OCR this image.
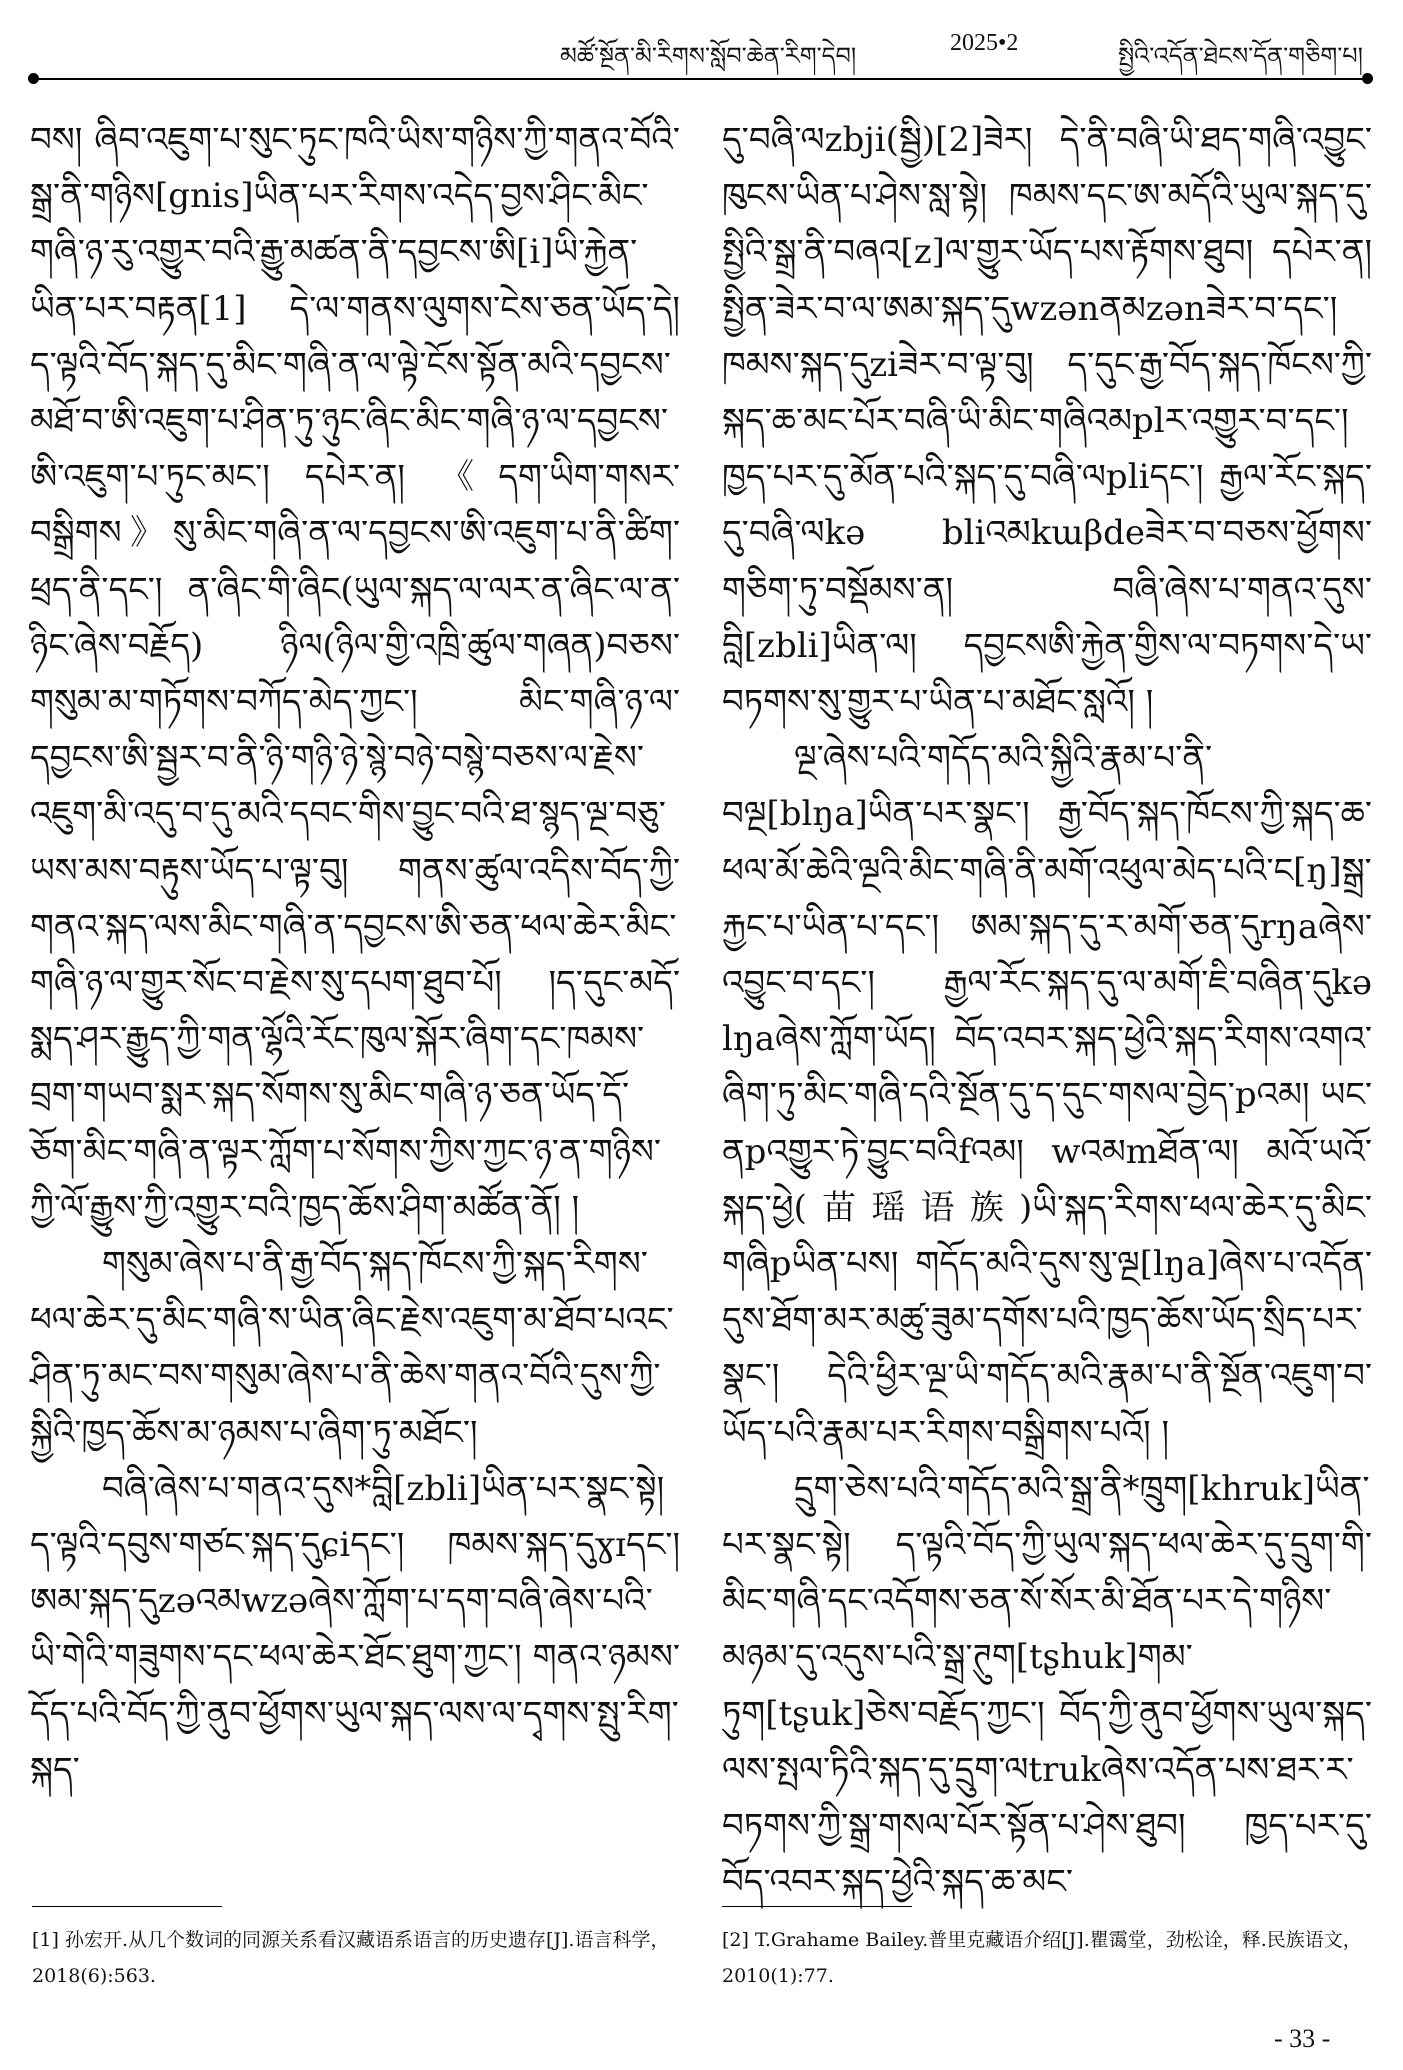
མཚོ་སྔོན་མི་རིགས་སློབ་ཆེན་རིག་དེབ།	2025•2	སྤྱིའི་འདོན་ཐེངས་དོན་གཅིག་པ།

བས། ཞིབ་འཇུག་པ་སུང་ཏུང་ཁའི་ཡིས་གཉིས་ཀྱི་གནའ་བོའི་སྒྲ་ནི་གཉིས[gnis]ཡིན་པར་རིགས་འདེད་བྱས་ཤིང་མིང་གཞི་ཉ་རུ་འགྱུར་བའི་རྒྱུ་མཚན་ནི་དབྱངས་ཨི[i]ཡི་རྐྱེན་ཡིན་པར་བརྟན[1] དེ་ལ་གནས་ལུགས་ངེས་ཅན་ཡོད་དེ། ད་ལྟའི་བོད་སྐད་དུ་མིང་གཞི་ན་ལ་ལྟེ་ངོས་སྟོན་མའི་དབྱངས་མཐོ་བ་ཨི་འཇུག་པ་ཤིན་ཏུ་ཉུང་ཞིང་མིང་གཞི་ཉ་ལ་དབྱངས་ཨི་འཇུག་པ་ཏུང་མང་། དཔེར་ན། 《དག་ཡིག་གསར་བསྒྲིགས》སུ་མིང་གཞི་ན་ལ་དབྱངས་ཨི་འཇུག་པ་ནི་ཚིག་ཕྲད་ནི་དང་། ན་ཞིང་གི་ཞིང(ཡུལ་སྐད་ལ་ལར་ན་ཞིང་ལ་ན་ཉིང་ཞེས་བརྗོད) ཉིལ(ཉིལ་གྱི་འཁྲི་ཚུལ་གཞན)བཅས་གསུམ་མ་གཏོགས་བཀོད་མེད་ཀྱང་། མིང་གཞི་ཉ་ལ་དབྱངས་ཨི་སྦྱར་བ་ནི་ཉི་གཉི་ཉེ་སྙེ་བཉེ་བསྙེ་བཅས་ལ་རྗེས་འཇུག་མི་འདུ་བ་དུ་མའི་དབང་གིས་བྱུང་བའི་ཐ་སྙད་ལྔ་བཅུ་ཡས་མས་བརྟུས་ཡོད་པ་ལྟ་བུ། གནས་ཚུལ་འདིས་བོད་ཀྱི་གནའ་སྐད་ལས་མིང་གཞི་ན་དབྱངས་ཨི་ཅན་ཕལ་ཆེར་མིང་གཞི་ཉ་ལ་གྱུར་སོང་བ་རྗེས་སུ་དཔག་ཐུབ་པོ། །ད་དུང་མདོ་སྨད་ཤར་རྒྱུད་ཀྱི་གན་ལྷོའི་རོང་ཁུལ་སྐོར་ཞིག་དང་ཁམས་བྲག་གཡབ་སྨར་སྐད་སོགས་སུ་མིང་གཞི་ཉ་ཅན་ཡོད་དོ་ཅོག་མིང་གཞི་ན་ལྟར་ཀློག་པ་སོགས་ཀྱིས་ཀྱང་ཉ་ན་གཉིས་ཀྱི་ལོ་རྒྱུས་ཀྱི་འགྱུར་བའི་ཁྱད་ཆོས་ཤིག་མཚོན་ནོ། །

གསུམ་ཞེས་པ་ནི་རྒྱ་བོད་སྐད་ཁོངས་ཀྱི་སྐད་རིགས་ཕལ་ཆེར་དུ་མིང་གཞི་ས་ཡིན་ཞིང་རྗེས་འཇུག་མ་ཐོབ་པའང་ཤིན་ཏུ་མང་བས་གསུམ་ཞེས་པ་ནི་ཆེས་གནའ་བོའི་དུས་ཀྱི་སྐྱིའི་ཁྱད་ཆོས་མ་ཉམས་པ་ཞིག་ཏུ་མཐོང་།

བཞི་ཞེས་པ་གནའ་དུས*བླི[zbli]ཡིན་པར་སྣང་སྟེ། ད་ལྟའི་དབུས་གཙང་སྐད་དུɕiདང་། ཁམས་སྐད་དུɣɪདང་། ཨམ་སྐད་དུzəའམwzəཞེས་ཀློག་པ་དག་བཞི་ཞེས་པའི་ཡི་གེའི་གཟུགས་དང་ཕལ་ཆེར་ཐོང་ཐུག་ཀྱང་། གནའ་ཉམས་དོད་པའི་བོད་ཀྱི་ནུབ་ཕྱོགས་ཡུལ་སྐད་ལས་ལ་དྭགས་སྤུ་རིག་སྐད་

དུ་བཞི་ལzbji(སྦྱི)[2]ཟེར། དེ་ནི་བཞི་ཡི་ཐད་གཞི་འབྱུང་ཁུངས་ཡིན་པ་ཤེས་སླ་སྟེ། ཁམས་དང་ཨ་མདོའི་ཡུལ་སྐད་དུ་སྤྱིའི་སྒྲ་ནི་བཞའ[z]ལ་གྱུར་ཡོད་པས་རྟོགས་ཐུབ། དཔེར་ན། སྤྱིན་ཟེར་བ་ལ་ཨམ་སྐད་དུwzənནམzənཟེར་བ་དང་། ཁམས་སྐད་དུziཟེར་བ་ལྟ་བུ། ད་དུང་རྒྱ་བོད་སྐད་ཁོངས་ཀྱི་སྐད་ཆ་མང་པོར་བཞི་ཡི་མིང་གཞིའམplར་འགྱུར་བ་དང་། ཁྱད་པར་དུ་མོན་པའི་སྐད་དུ་བཞི་ལpliདང་། རྒྱལ་རོང་སྐད་དུ་བཞི་ལkə bliའམkɯβdeཟེར་བ་བཅས་ཕྱོགས་གཅིག་ཏུ་བསྡོམས་ན། བཞི་ཞེས་པ་གནའ་དུས་བླི[zbli]ཡིན་ལ། དབྱངསཨི་རྐྱེན་གྱིས་ལ་བཏགས་དེ་ཡ་བཏགས་སུ་གྱུར་པ་ཡིན་པ་མཐོང་སླའོ། །

ལྔ་ཞེས་པའི་གདོད་མའི་སྐྱིའི་རྣམ་པ་ནི་བལྔ[blŋa]ཡིན་པར་སྣང་། རྒྱ་བོད་སྐད་ཁོངས་ཀྱི་སྐད་ཆ་ཕལ་མོ་ཆེའི་ལྔའི་མིང་གཞི་ནི་མགོ་འཕུལ་མེད་པའི་ང[ŋ]སྒྲ་རྐྱང་པ་ཡིན་པ་དང་། ཨམ་སྐད་དུ་ར་མགོ་ཅན་དུrŋaཞེས་འབྱུང་བ་དང་། རྒྱལ་རོང་སྐད་དུ་ལ་མགོ་ཇི་བཞིན་དུkə lŋaཞེས་ཀློག་ཡོད། བོད་འབར་སྐད་ཕྱེའི་སྐད་རིགས་འགའ་ཞིག་ཏུ་མིང་གཞི་དའི་སྔོན་དུ་ད་དུང་གསལ་བྱེད་pའམ། ཡང་ནpའགྱུར་ཏེ་བྱུང་བའིfའམ། wའམmཐོན་ལ། མའོ་ཡའོ་སྐད་ཕྱེ(苗瑶语族)ཡི་སྐད་རིགས་ཕལ་ཆེར་དུ་མིང་གཞིpཡིན་པས། གདོད་མའི་དུས་སུ་ལྔ[lŋa]ཞེས་པ་འདོན་དུས་ཐོག་མར་མཚུ་ཟུམ་དགོས་པའི་ཁྱད་ཆོས་ཡོད་སྲིད་པར་སྣང་། དེའི་ཕྱིར་ལྔ་ཡི་གདོད་མའི་རྣམ་པ་ནི་སྔོན་འཇུག་བ་ཡོད་པའི་རྣམ་པར་རིགས་བསྒྲིགས་པའོ། །

དྲུག་ཅེས་པའི་གདོད་མའི་སྒྲ་ནི*ཁྲུག[khruk]ཡིན་པར་སྣང་སྟེ། ད་ལྟའི་བོད་ཀྱི་ཡུལ་སྐད་ཕལ་ཆེར་དུ་དྲུག་གི་མིང་གཞི་དང་འདོགས་ཅན་སོ་སོར་མི་ཐོན་པར་དེ་གཉིས་མཉམ་དུ་འདུས་པའི་སྒྲ་ཊུག[tʂhuk]གམ་ཏུག[tʂuk]ཅེས་བརྗོད་ཀྱང་། བོད་ཀྱི་ནུབ་ཕྱོགས་ཡུལ་སྐད་ལས་སྤལ་ཏིའི་སྐད་དུ་དྲུག་ལtrukཞེས་འདོན་པས་ཐར་ར་བཏགས་ཀྱི་སྒྲ་གསལ་པོར་སྟོན་པ་ཤེས་ཐུབ། ཁྱད་པར་དུ་བོད་འབར་སྐད་ཕྱེའི་སྐད་ཆ་མང་

[1] 孙宏开.从几个数词的同源关系看汉藏语系语言的历史遗存[J].语言科学，2018(6):563.
[2] T.Grahame Bailey.普里克藏语介绍[J].瞿霭堂，劲松诠，释.民族语文，2010(1):77.
- 33 -
